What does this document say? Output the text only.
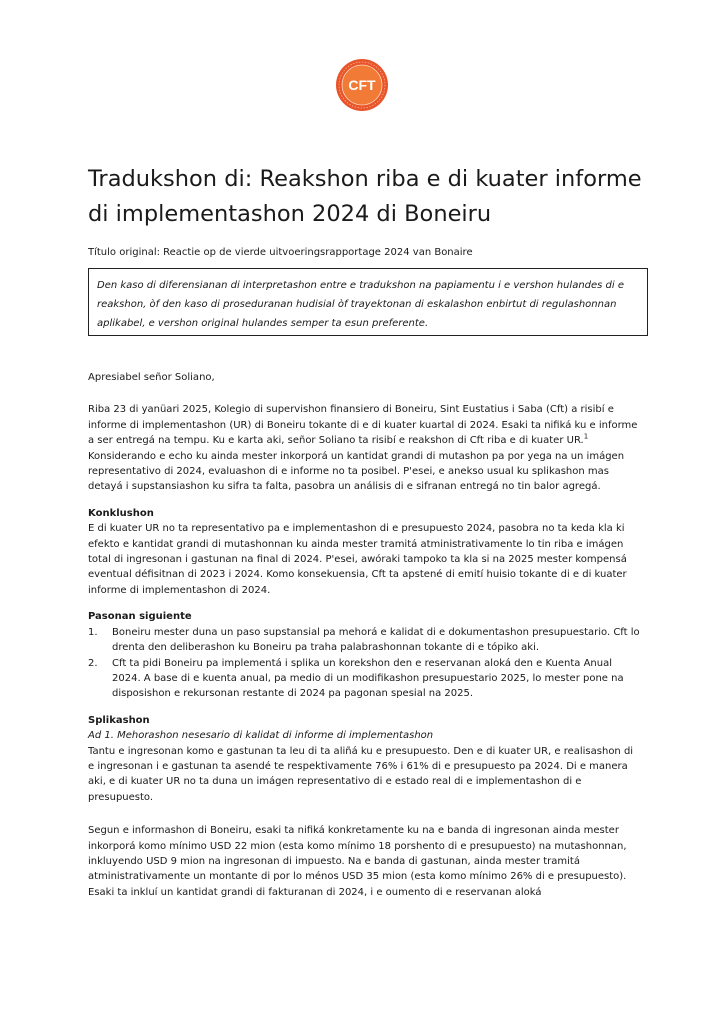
CFT
Tradukshon di: Reakshon riba e di kuater informe di implementashon 2024 di Boneiru
Título original: Reactie op de vierde uitvoeringsrapportage 2024 van Bonaire
Den kaso di diferensianan di interpretashon entre e tradukshon na papiamentu i e vershon hulandes di e reakshon, òf den kaso di proseduranan hudisial òf trayektonan di eskalashon enbirtut di regulashonnan aplikabel, e vershon original hulandes semper ta esun preferente.

Apresiabel señor Soliano,

Riba 23 di yanüari 2025, Kolegio di supervishon finansiero di Boneiru, Sint Eustatius i Saba (Cft) a risibí e informe di implementashon (UR) di Boneiru tokante di e di kuater kuartal di 2024. Esaki ta nifiká ku e informe a ser entregá na tempu. Ku e karta aki, señor Soliano ta risibí e reakshon di Cft riba e di kuater UR.$^1$ Konsiderando e echo ku ainda mester inkorporá un kantidat grandi di mutashon pa por yega na un imágen representativo di 2024, evaluashon di e informe no ta posibel. P'esei, e anekso usual ku splikashon mas detayá i supstansiashon ku sifra ta falta, pasobra un análisis di e sifranan entregá no tin balor agregá.

Konklushon

E di kuater UR no ta representativo pa e implementashon di e presupuesto 2024, pasobra no ta keda kla ki efekto e kantidat grandi di mutashonnan ku ainda mester tramitá atministrativamente lo tin riba e imágen total di ingresonan i gastunan na final di 2024. P'esei, awóraki tampoko ta kla si na 2025 mester kompensá eventual défisitnan di 2023 i 2024. Komo konsekuensia, Cft ta apstené di emití huisio tokante di e di kuater informe di implementashon di 2024.

Pasonan siguiente

1.	Boneiru mester duna un paso supstansial pa mehorá e kalidat di e dokumentashon presupuestario. Cft lo drenta den deliberashon ku Boneiru pa traha palabrashonnan tokante di e tópiko aki.
2.	Cft ta pidi Boneiru pa implementá i splika un korekshon den e reservanan aloká den e Kuenta Anual 2024. A base di e kuenta anual, pa medio di un modifikashon presupuestario 2025, lo mester pone na disposishon e rekursonan restante di 2024 pa pagonan spesial na 2025.

Splikashon

Ad 1. Mehorashon nesesario di kalidat di informe di implementashon

Tantu e ingresonan komo e gastunan ta leu di ta aliñá ku e presupuesto. Den e di kuater UR, e realisashon di e ingresonan i e gastunan ta asendé te respektivamente 76% i 61% di e presupuesto pa 2024. Di e manera aki, e di kuater UR no ta duna un imágen representativo di e estado real di e implementashon di e presupuesto.

Segun e informashon di Boneiru, esaki ta nifiká konkretamente ku na e banda di ingresonan ainda mester inkorporá komo mínimo USD 22 mion (esta komo mínimo 18 porshento di e presupuesto) na mutashonnan, inkluyendo USD 9 mion na ingresonan di impuesto. Na e banda di gastunan, ainda mester tramitá atministrativamente un montante di por lo ménos USD 35 mion (esta komo mínimo 26% di e presupuesto). Esaki ta inkluí un kantidat grandi di fakturanan di 2024, i e oumento di e reservanan aloká
